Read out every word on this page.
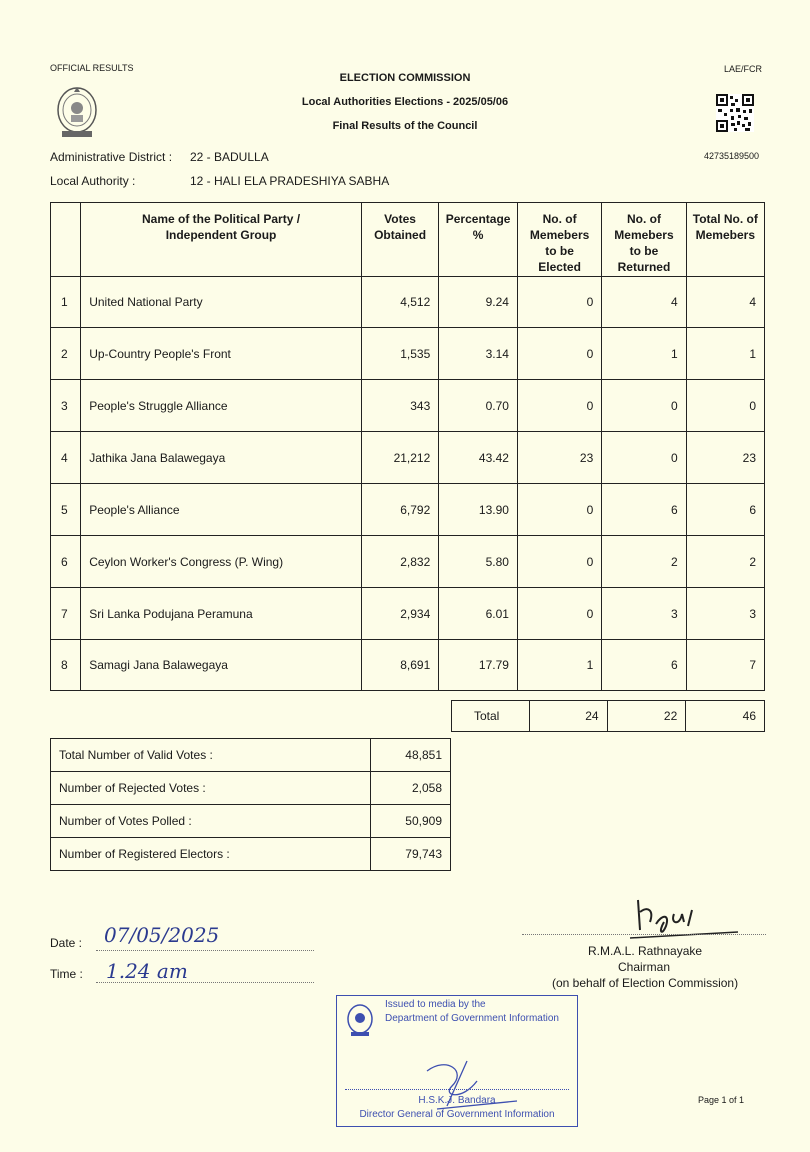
OFFICIAL RESULTS	LAE/FCR
ELECTION COMMISSION
Local Authorities Elections - 2025/05/06
Final Results of the Council
42735189500
Administrative District : 22 - BADULLA
Local Authority :	12 - HALI ELA PRADESHIYA SABHA
	Name of the Political Party / Independent Group	Votes Obtained	Percentage %	No. of Memebers to be Elected	No. of Memebers to be Returned	Total No. of Memebers
1	United National Party	4,512	9.24	0	4	4
2	Up-Country People's Front	1,535	3.14	0	1	1
3	People's Struggle Alliance	343	0.70	0	0	0
4	Jathika Jana Balawegaya	21,212	43.42	23	0	23
5	People's Alliance	6,792	13.90	0	6	6
6	Ceylon Worker's Congress (P. Wing)	2,832	5.80	0	2	2
7	Sri Lanka Podujana Peramuna	2,934	6.01	0	3	3
8	Samagi Jana Balawegaya	8,691	17.79	1	6	7
Total	24	22	46
Total Number of Valid Votes :	48,851
Number of Rejected Votes :	2,058
Number of Votes Polled :	50,909
Number of Registered Electors :	79,743
Date : 07/05/2025
Time : 1.24 am
R.M.A.L. Rathnayake
Chairman
(on behalf of Election Commission)
Issued to media by the
Department of Government Information
H.S.K.J. Bandara
Director General of Government Information
Page 1 of 1
